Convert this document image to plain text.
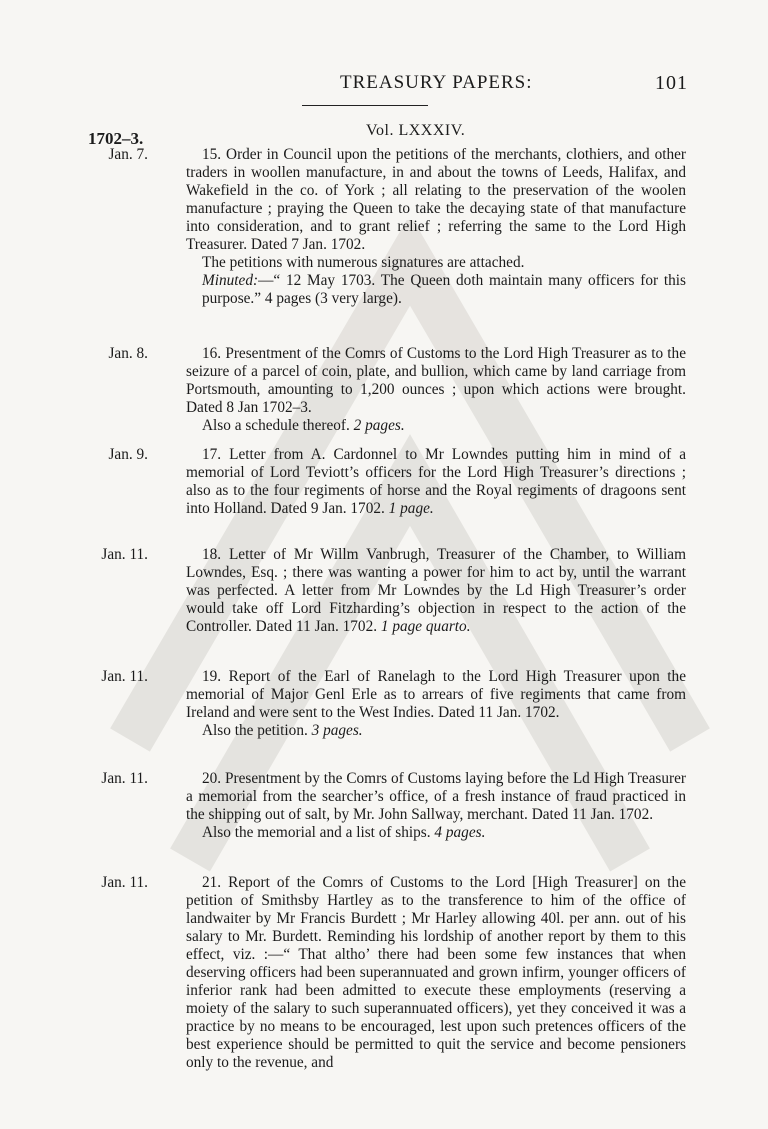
TREASURY PAPERS:	101
1702–3.	Vol. LXXXIV.
Jan. 7.	15. Order in Council upon the petitions of the merchants, clothiers, and other traders in woollen manufacture, in and about the towns of Leeds, Halifax, and Wakefield in the co. of York ; all relating to the preservation of the woolen manufacture ; praying the Queen to take the decaying state of that manufacture into consideration, and to grant relief ; referring the same to the Lord High Treasurer. Dated 7 Jan. 1702.

The petitions with numerous signatures are attached.

Minuted:—“ 12 May 1703. The Queen doth maintain many officers for this purpose.” 4 pages (3 very large).

Jan. 8.	16. Presentment of the Comrs of Customs to the Lord High Treasurer as to the seizure of a parcel of coin, plate, and bullion, which came by land carriage from Portsmouth, amounting to 1,200 ounces ; upon which actions were brought. Dated 8 Jan 1702–3.

Also a schedule thereof. 2 pages.

Jan. 9.	17. Letter from A. Cardonnel to Mr Lowndes putting him in mind of a memorial of Lord Teviott’s officers for the Lord High Treasurer’s directions ; also as to the four regiments of horse and the Royal regiments of dragoons sent into Holland. Dated 9 Jan. 1702. 1 page.

Jan. 11.	18. Letter of Mr Willm Vanbrugh, Treasurer of the Chamber, to William Lowndes, Esq. ; there was wanting a power for him to act by, until the warrant was perfected. A letter from Mr Lowndes by the Ld High Treasurer’s order would take off Lord Fitzharding’s objection in respect to the action of the Controller. Dated 11 Jan. 1702. 1 page quarto.

Jan. 11.	19. Report of the Earl of Ranelagh to the Lord High Treasurer upon the memorial of Major Genl Erle as to arrears of five regiments that came from Ireland and were sent to the West Indies. Dated 11 Jan. 1702.

Also the petition. 3 pages.

Jan. 11.	20. Presentment by the Comrs of Customs laying before the Ld High Treasurer a memorial from the searcher’s office, of a fresh instance of fraud practiced in the shipping out of salt, by Mr. John Sallway, merchant. Dated 11 Jan. 1702.

Also the memorial and a list of ships. 4 pages.

Jan. 11.	21. Report of the Comrs of Customs to the Lord [High Treasurer] on the petition of Smithsby Hartley as to the transference to him of the office of landwaiter by Mr Francis Burdett ; Mr Harley allowing 40l. per ann. out of his salary to Mr. Burdett. Reminding his lordship of another report by them to this effect, viz. :—“ That altho’ there had been some few instances that when deserving officers had been superannuated and grown infirm, younger officers of inferior rank had been admitted to execute these employments (reserving a moiety of the salary to such superannuated officers), yet they conceived it was a practice by no means to be encouraged, lest upon such pretences officers of the best experience should be permitted to quit the service and become pensioners only to the revenue, and
